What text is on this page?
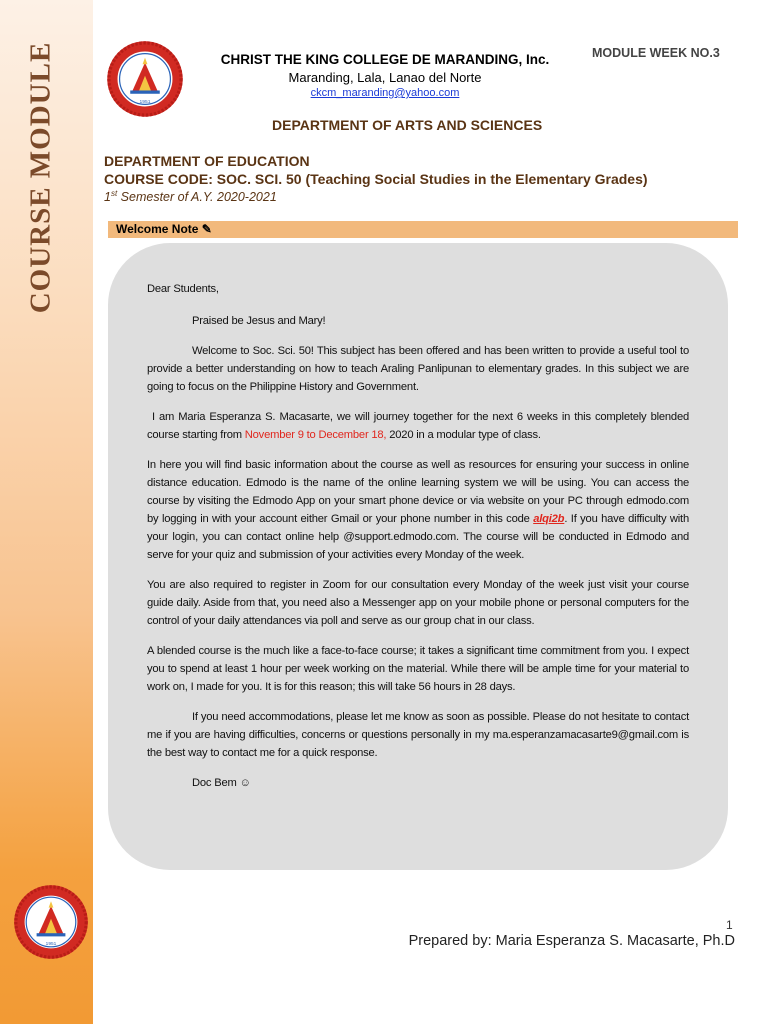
COURSE MODULE	1951
CHRIST THE KING COLLEGE DE MARANDING, Inc.
Maranding, Lala, Lanao del Norte
ckcm_maranding@yahoo.com
MODULE WEEK NO.3
DEPARTMENT OF ARTS AND SCIENCES
DEPARTMENT OF EDUCATION
COURSE CODE: SOC. SCI. 50 (Teaching Social Studies in the Elementary Grades)
1st Semester of A.Y. 2020-2021
Welcome Note ✎

Dear Students,

Praised be Jesus and Mary!

Welcome to Soc. Sci. 50! This subject has been offered and has been written to provide a useful tool to provide a better understanding on how to teach Araling Panlipunan to elementary grades. In this subject we are going to focus on the Philippine History and Government.

I am Maria Esperanza S. Macasarte, we will journey together for the next 6 weeks in this completely blended course starting from November 9 to December 18, 2020 in a modular type of class.

In here you will find basic information about the course as well as resources for ensuring your success in online distance education. Edmodo is the name of the online learning system we will be using. You can access the course by visiting the Edmodo App on your smart phone device or via website on your PC through edmodo.com by logging in with your account either Gmail or your phone number in this code alqi2b. If you have difficulty with your login, you can contact online help @support.edmodo.com. The course will be conducted in Edmodo and serve for your quiz and submission of your activities every Monday of the week.

You are also required to register in Zoom for our consultation every Monday of the week just visit your course guide daily. Aside from that, you need also a Messenger app on your mobile phone or personal computers for the control of your daily attendances via poll and serve as our group chat in our class.

A blended course is the much like a face-to-face course; it takes a significant time commitment from you. I expect you to spend at least 1 hour per week working on the material. While there will be ample time for your material to work on, I made for you. It is for this reason; this will take 56 hours in 28 days.

If you need accommodations, please let me know as soon as possible. Please do not hesitate to contact me if you are having difficulties, concerns or questions personally in my ma.esperanzamacasarte9@gmail.com is the best way to contact me for a quick response.

Doc Bem ☺

1951
1
Prepared by: Maria Esperanza S. Macasarte, Ph.D
